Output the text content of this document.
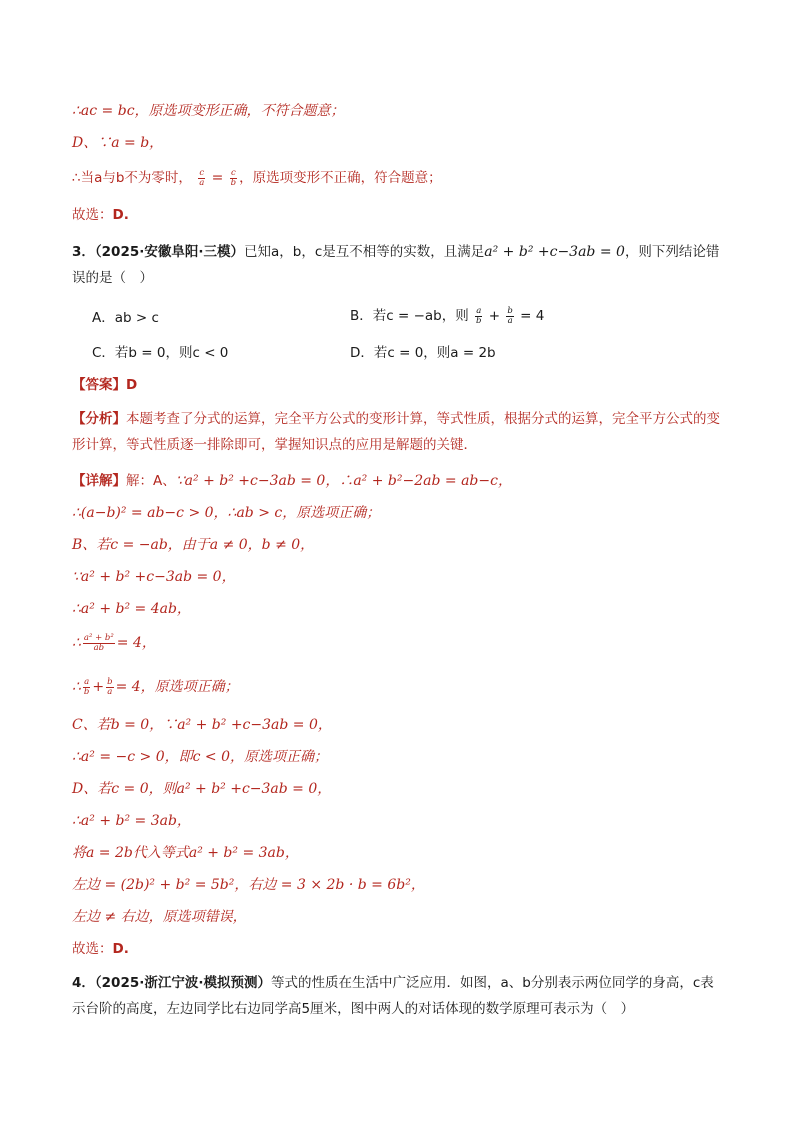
∴ac = bc，原选项变形正确，不符合题意；
D、∵a = b，
∴当a与b不为零时， $\frac{c}{a} = \frac{c}{b}$ ，原选项变形不正确，符合题意；
故选：D.
3．（2025·安徽阜阳·三模）已知a，b，c是互不相等的实数，且满足a² + b² +c−3ab = 0，则下列结论错误的是（　）
A．ab > c	B．若c = −ab，则 $\frac{a}{b} + \frac{b}{a} = 4$
C．若b = 0，则c < 0	D．若c = 0，则a = 2b
【答案】D
【分析】本题考查了分式的运算，完全平方公式的变形计算，等式性质，根据分式的运算，完全平方公式的变形计算，等式性质逐一排除即可，掌握知识点的应用是解题的关键．
【详解】解：A、∵a² + b² +c−3ab = 0，∴a² + b²−2ab = ab−c，
∴(a−b)² = ab−c > 0，∴ab > c，原选项正确；
B、若c = −ab，由于a ≠ 0，b ≠ 0，
∵a² + b² +c−3ab = 0，
∴a² + b² = 4ab，
∴ $\frac{\text{a² + b²}}{ab} = 4$，
∴ $\frac{a}{b} + \frac{b}{a} = 4$，原选项正确；
C、若b = 0，∵a² + b² +c−3ab = 0，
∴a² = −c > 0，即c < 0，原选项正确；
D、若c = 0，则a² + b² +c−3ab = 0，
∴a² + b² = 3ab，
将a = 2b代入等式a² + b² = 3ab，
左边 = (2b)² + b² = 5b²，右边 = 3 × 2b · b = 6b²，
左边 ≠ 右边，原选项错误，
故选：D.
4．（2025·浙江宁波·模拟预测）等式的性质在生活中广泛应用．如图，a、b分别表示两位同学的身高，c表示台阶的高度，左边同学比右边同学高5厘米，图中两人的对话体现的数学原理可表示为（　）
